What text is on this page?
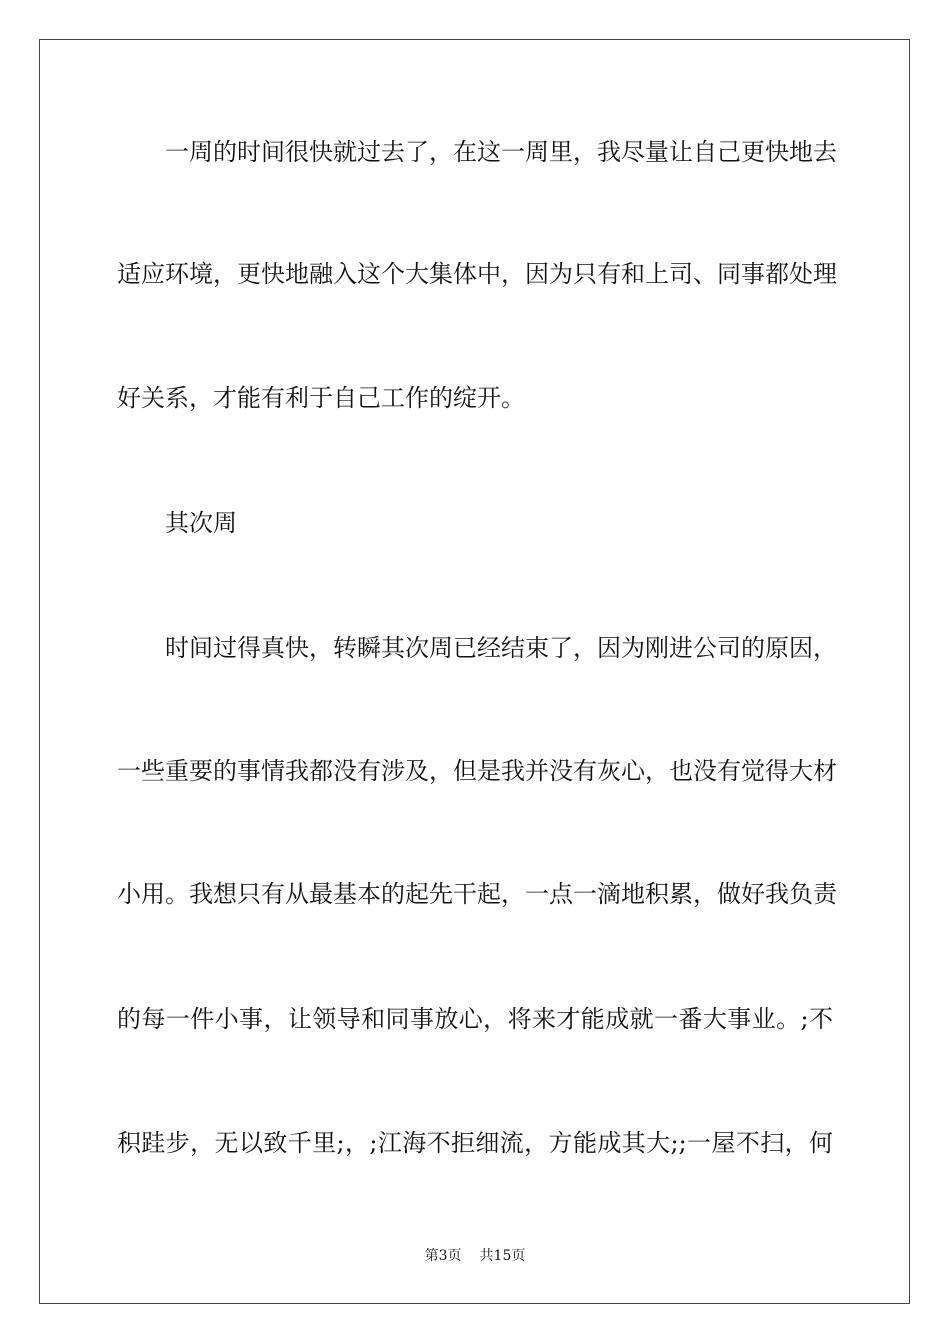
一周的时间很快就过去了，在这一周里，我尽量让自己更快地去
适应环境，更快地融入这个大集体中，因为只有和上司、同事都处理
好关系，才能有利于自己工作的绽开。
其次周
时间过得真快，转瞬其次周已经结束了，因为刚进公司的原因，
一些重要的事情我都没有涉及，但是我并没有灰心，也没有觉得大材
小用。我想只有从最基本的起先干起，一点一滴地积累，做好我负责
的每一件小事，让领导和同事放心，将来才能成就一番大事业。;不
积跬步，无以致千里;，;江海不拒细流，方能成其大;;一屋不扫，何
第3页 共15页
